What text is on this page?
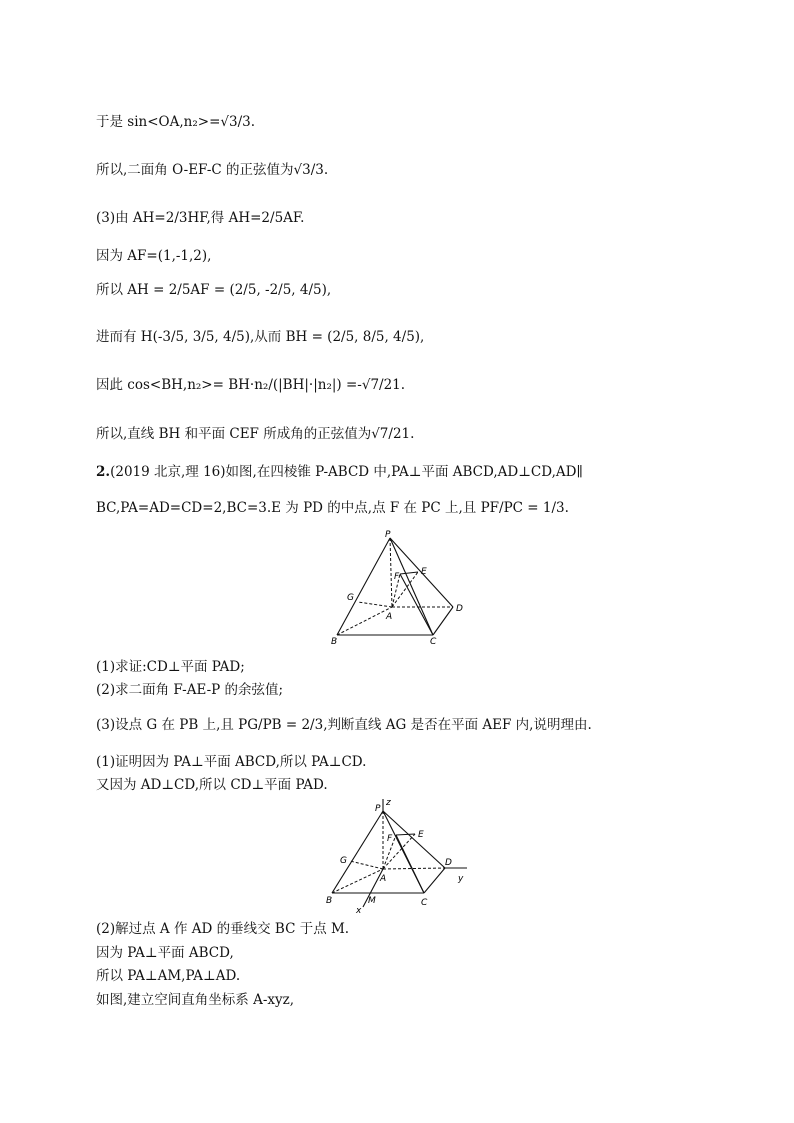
于是 sin<OA,n₂>=√3/3.
所以,二面角 O-EF-C 的正弦值为√3/3.
(3)由 AH=2/3HF,得 AH=2/5AF.
因为 AF=(1,-1,2),
所以 AH = 2/5AF = (2/5, -2/5, 4/5),
进而有 H(-3/5, 3/5, 4/5),从而 BH = (2/5, 8/5, 4/5),
因此 cos<BH,n₂>= BH·n₂/(|BH|·|n₂|) =-√7/21.
所以,直线 BH 和平面 CEF 所成角的正弦值为√7/21.
2.(2019 北京,理 16)如图,在四棱锥 P-ABCD 中,PA⊥平面 ABCD,AD⊥CD,AD∥
BC,PA=AD=CD=2,BC=3.E 为 PD 的中点,点 F 在 PC 上,且 PF/PC = 1/3.
P
E
F
G
A
D
B	C
(1)求证:CD⊥平面 PAD;
(2)求二面角 F-AE-P 的余弦值;
(3)设点 G 在 PB 上,且 PG/PB = 2/3,判断直线 AG 是否在平面 AEF 内,说明理由.
(1)证明因为 PA⊥平面 ABCD,所以 PA⊥CD.
又因为 AD⊥CD,所以 CD⊥平面 PAD.
P
z
E
F
G
A
D
y
B	M
x
C
(2)解过点 A 作 AD 的垂线交 BC 于点 M.
因为 PA⊥平面 ABCD,
所以 PA⊥AM,PA⊥AD.
如图,建立空间直角坐标系 A-xyz,
